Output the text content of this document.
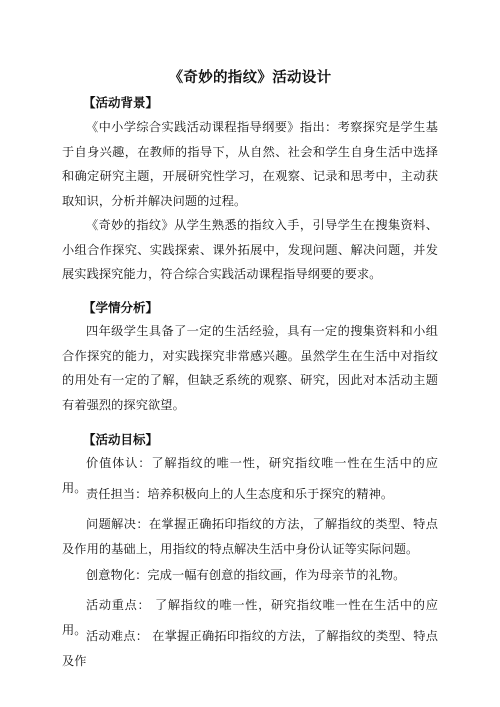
《奇妙的指纹》活动设计
【活动背景】

《中小学综合实践活动课程指导纲要》指出：考察探究是学生基于自身兴趣，在教师的指导下，从自然、社会和学生自身生活中选择和确定研究主题，开展研究性学习，在观察、记录和思考中，主动获取知识，分析并解决问题的过程。

《奇妙的指纹》从学生熟悉的指纹入手，引导学生在搜集资料、小组合作探究、实践探索、课外拓展中，发现问题、解决问题，并发展实践探究能力，符合综合实践活动课程指导纲要的要求。

【学情分析】

四年级学生具备了一定的生活经验，具有一定的搜集资料和小组合作探究的能力，对实践探究非常感兴趣。虽然学生在生活中对指纹的用处有一定的了解，但缺乏系统的观察、研究，因此对本活动主题有着强烈的探究欲望。

【活动目标】

价值体认：了解指纹的唯一性，研究指纹唯一性在生活中的应用。 责任担当：培养积极向上的人生态度和乐于探究的精神。

问题解决：在掌握正确拓印指纹的方法，了解指纹的类型、特点及作用的基础上，用指纹的特点解决生活中身份认证等实际问题。

创意物化：完成一幅有创意的指纹画，作为母亲节的礼物。

活动重点： 了解指纹的唯一性，研究指纹唯一性在生活中的应用。 活动难点： 在掌握正确拓印指纹的方法，了解指纹的类型、特点及作
